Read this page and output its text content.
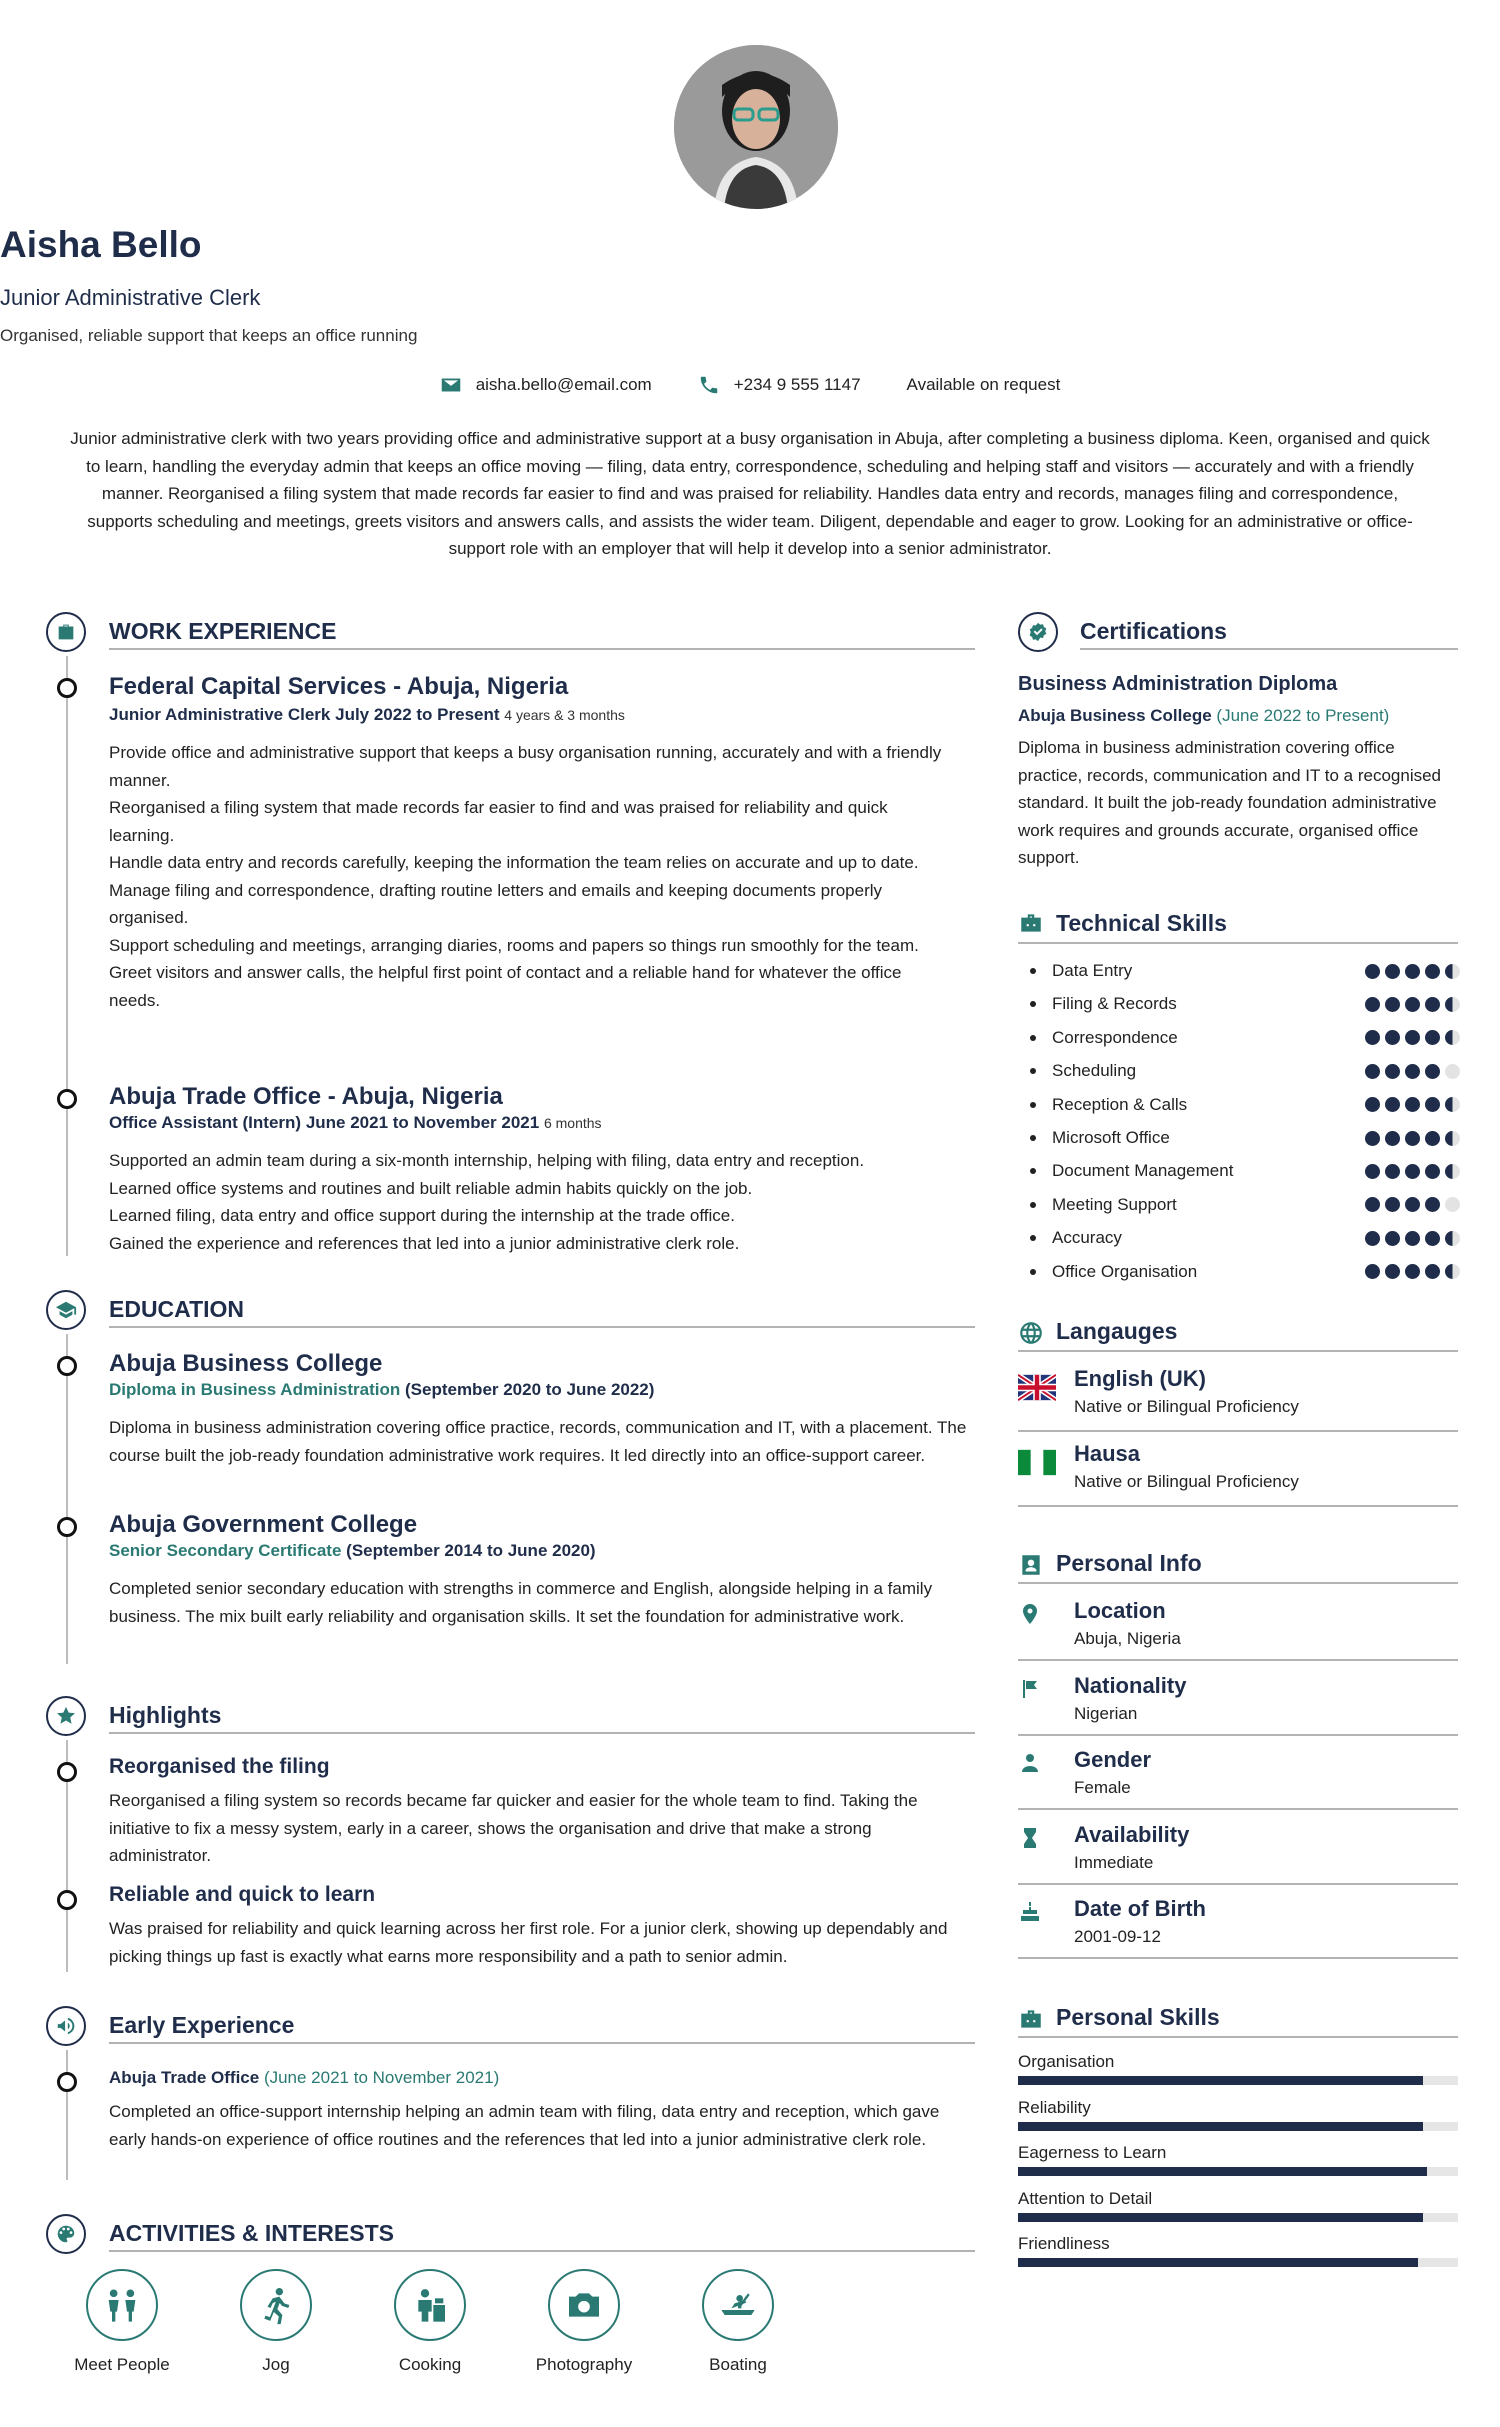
Aisha Bello
Junior Administrative Clerk
Organised, reliable support that keeps an office running
aisha.bello@email.com	+234 9 555 1147	Available on request
Junior administrative clerk with two years providing office and administrative support at a busy organisation in Abuja, after completing a business diploma. Keen, organised and quick to learn, handling the everyday admin that keeps an office moving — filing, data entry, correspondence, scheduling and helping staff and visitors — accurately and with a friendly manner. Reorganised a filing system that made records far easier to find and was praised for reliability. Handles data entry and records, manages filing and correspondence, supports scheduling and meetings, greets visitors and answers calls, and assists the wider team. Diligent, dependable and eager to grow. Looking for an administrative or office-support role with an employer that will help it develop into a senior administrator.
WORK EXPERIENCE
Federal Capital Services - Abuja, Nigeria
Junior Administrative Clerk July 2022 to Present 4 years & 3 months

Provide office and administrative support that keeps a busy organisation running, accurately and with a friendly manner.

Reorganised a filing system that made records far easier to find and was praised for reliability and quick learning.

Handle data entry and records carefully, keeping the information the team relies on accurate and up to date.

Manage filing and correspondence, drafting routine letters and emails and keeping documents properly organised.

Support scheduling and meetings, arranging diaries, rooms and papers so things run smoothly for the team.

Greet visitors and answer calls, the helpful first point of contact and a reliable hand for whatever the office needs.

Abuja Trade Office - Abuja, Nigeria
Office Assistant (Intern) June 2021 to November 2021 6 months

Supported an admin team during a six-month internship, helping with filing, data entry and reception.

Learned office systems and routines and built reliable admin habits quickly on the job.

Learned filing, data entry and office support during the internship at the trade office.

Gained the experience and references that led into a junior administrative clerk role.

EDUCATION
Abuja Business College
Diploma in Business Administration (September 2020 to June 2022)
Diploma in business administration covering office practice, records, communication and IT, with a placement. The course built the job-ready foundation administrative work requires. It led directly into an office-support career.
Abuja Government College
Senior Secondary Certificate (September 2014 to June 2020)
Completed senior secondary education with strengths in commerce and English, alongside helping in a family business. The mix built early reliability and organisation skills. It set the foundation for administrative work.
Highlights
Reorganised the filing
Reorganised a filing system so records became far quicker and easier for the whole team to find. Taking the initiative to fix a messy system, early in a career, shows the organisation and drive that make a strong administrator.
Reliable and quick to learn
Was praised for reliability and quick learning across her first role. For a junior clerk, showing up dependably and picking things up fast is exactly what earns more responsibility and a path to senior admin.
Early Experience
Abuja Trade Office (June 2021 to November 2021)
Completed an office-support internship helping an admin team with filing, data entry and reception, which gave early hands-on experience of office routines and the references that led into a junior administrative clerk role.
ACTIVITIES & INTERESTS
Meet People	Jog	Cooking	Photography	Boating
Certifications
Business Administration Diploma
Abuja Business College (June 2022 to Present)
Diploma in business administration covering office practice, records, communication and IT to a recognised standard. It built the job-ready foundation administrative work requires and grounds accurate, organised office support.
Technical Skills
Data Entry
Filing & Records
Correspondence
Scheduling
Reception & Calls
Microsoft Office
Document Management
Meeting Support
Accuracy
Office Organisation
Langauges
English (UK)
Native or Bilingual Proficiency
Hausa
Native or Bilingual Proficiency
Personal Info
Location
Abuja, Nigeria
Nationality
Nigerian
Gender
Female
Availability
Immediate
Date of Birth
2001-09-12
Personal Skills
Organisation
Reliability
Eagerness to Learn
Attention to Detail
Friendliness
